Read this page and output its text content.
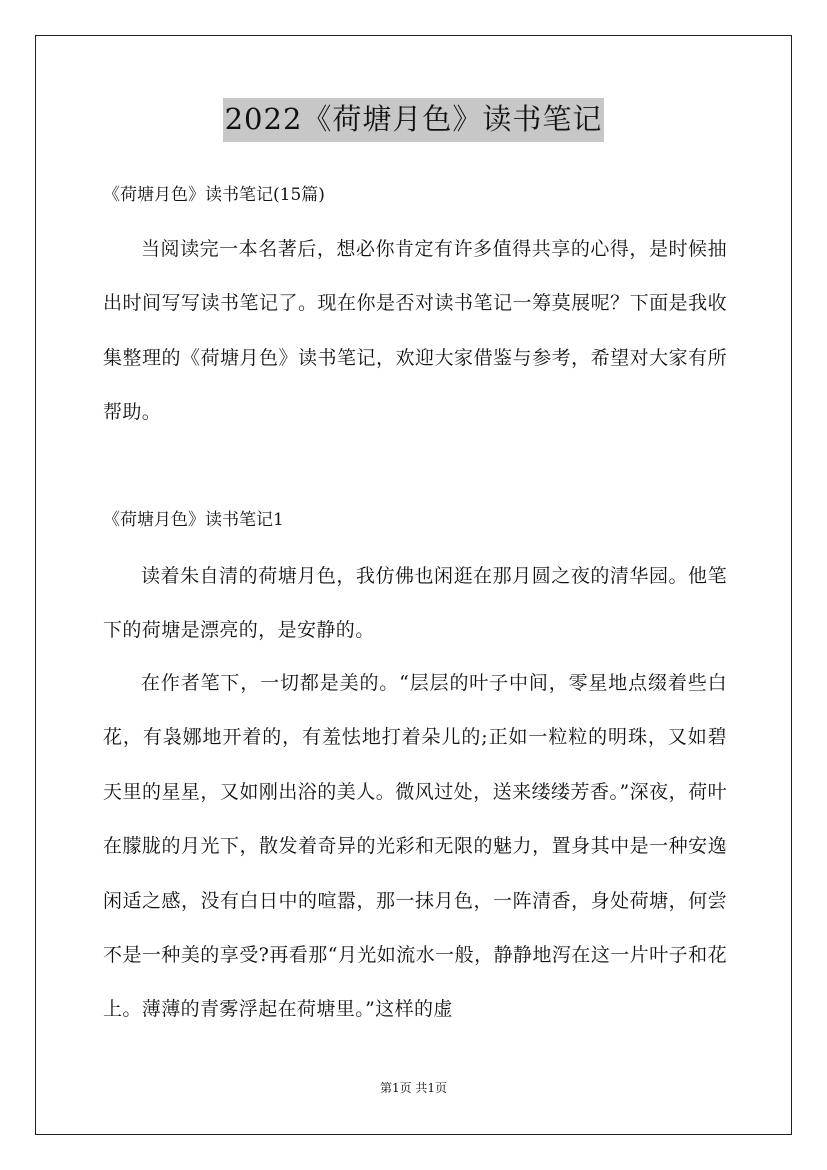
2022《荷塘月色》读书笔记
《荷塘月色》读书笔记(15篇)

当阅读完一本名著后，想必你肯定有许多值得共享的心得，是时候抽出时间写写读书笔记了。现在你是否对读书笔记一筹莫展呢？下面是我收集整理的《荷塘月色》读书笔记，欢迎大家借鉴与参考，希望对大家有所帮助。

《荷塘月色》读书笔记1

读着朱自清的荷塘月色，我仿佛也闲逛在那月圆之夜的清华园。他笔下的荷塘是漂亮的，是安静的。

在作者笔下，一切都是美的。“层层的叶子中间，零星地点缀着些白花，有袅娜地开着的，有羞怯地打着朵儿的;正如一粒粒的明珠，又如碧天里的星星，又如刚出浴的美人。微风过处，送来缕缕芳香。”深夜，荷叶在朦胧的月光下，散发着奇异的光彩和无限的魅力，置身其中是一种安逸闲适之感，没有白日中的喧嚣，那一抹月色，一阵清香，身处荷塘，何尝不是一种美的享受?再看那“月光如流水一般，静静地泻在这一片叶子和花上。薄薄的青雾浮起在荷塘里。”这样的虚

第1页 共1页
